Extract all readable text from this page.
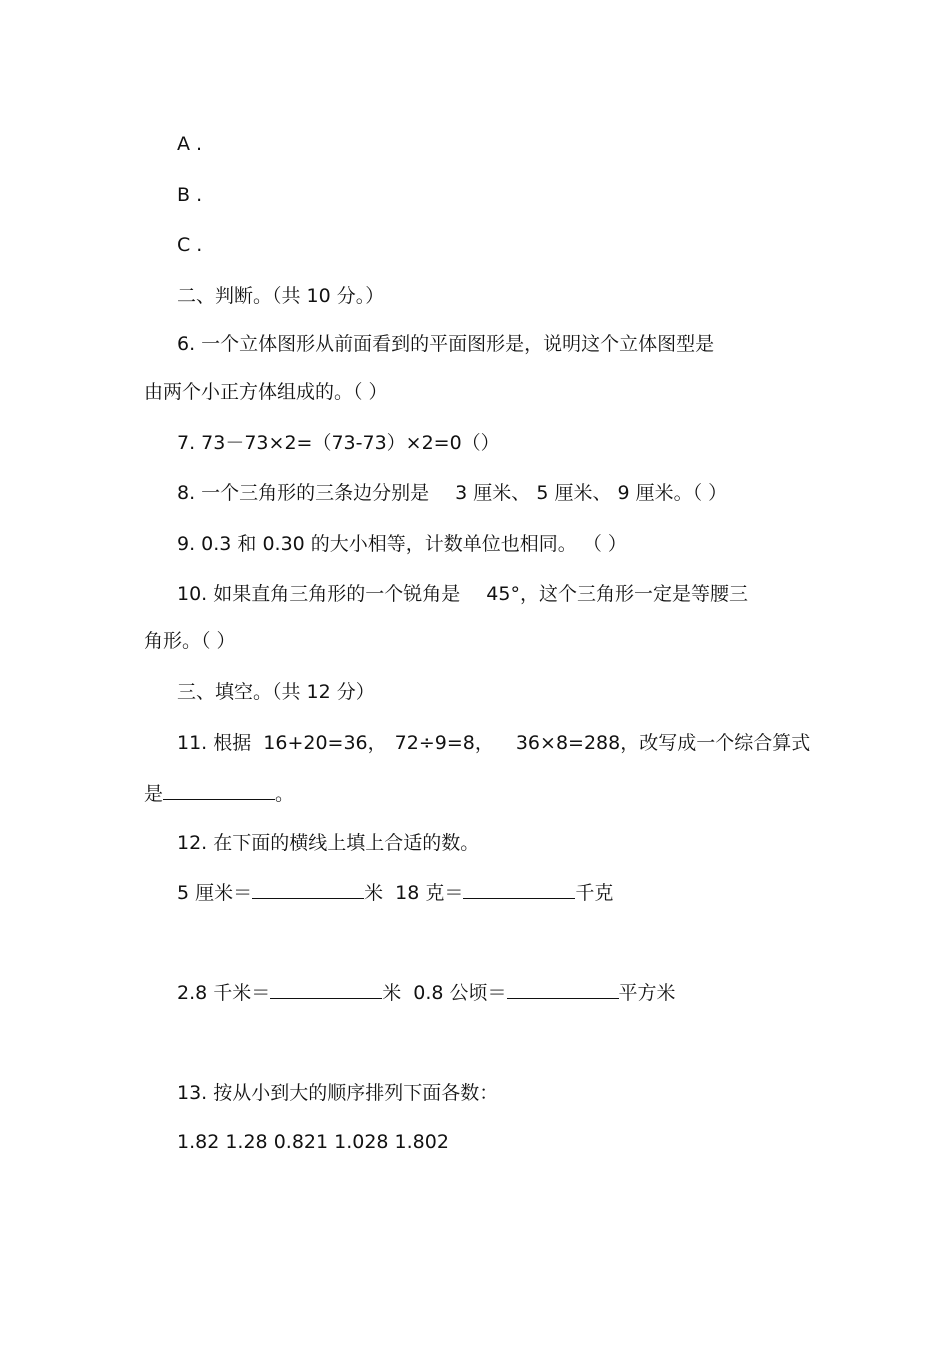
A .
B .
C .
二、判断。（共 10 分。）
6. 一个立体图形从前面看到的平面图形是，说明这个立体图型是
由两个小正方体组成的。（ ）
7. 73－73×2=（73-73）×2=0（）
8. 一个三角形的三条边分别是 3 厘米、 5 厘米、 9 厘米。（ ）
9. 0.3 和 0.30 的大小相等，计数单位也相同。 （ ）
10. 如果直角三角形的一个锐角是 45°，这个三角形一定是等腰三
角形。（ ）
三、填空。（共 12 分）
11. 根据 16+20=36， 72÷9=8， 36×8=288，改写成一个综合算式
是	。
12. 在下面的横线上填上合适的数。
5 厘米＝	米 18 克＝	千克
2.8 千米＝	米 0.8 公顷＝	平方米
13. 按从小到大的顺序排列下面各数：
1.82 1.28 0.821 1.028 1.802
